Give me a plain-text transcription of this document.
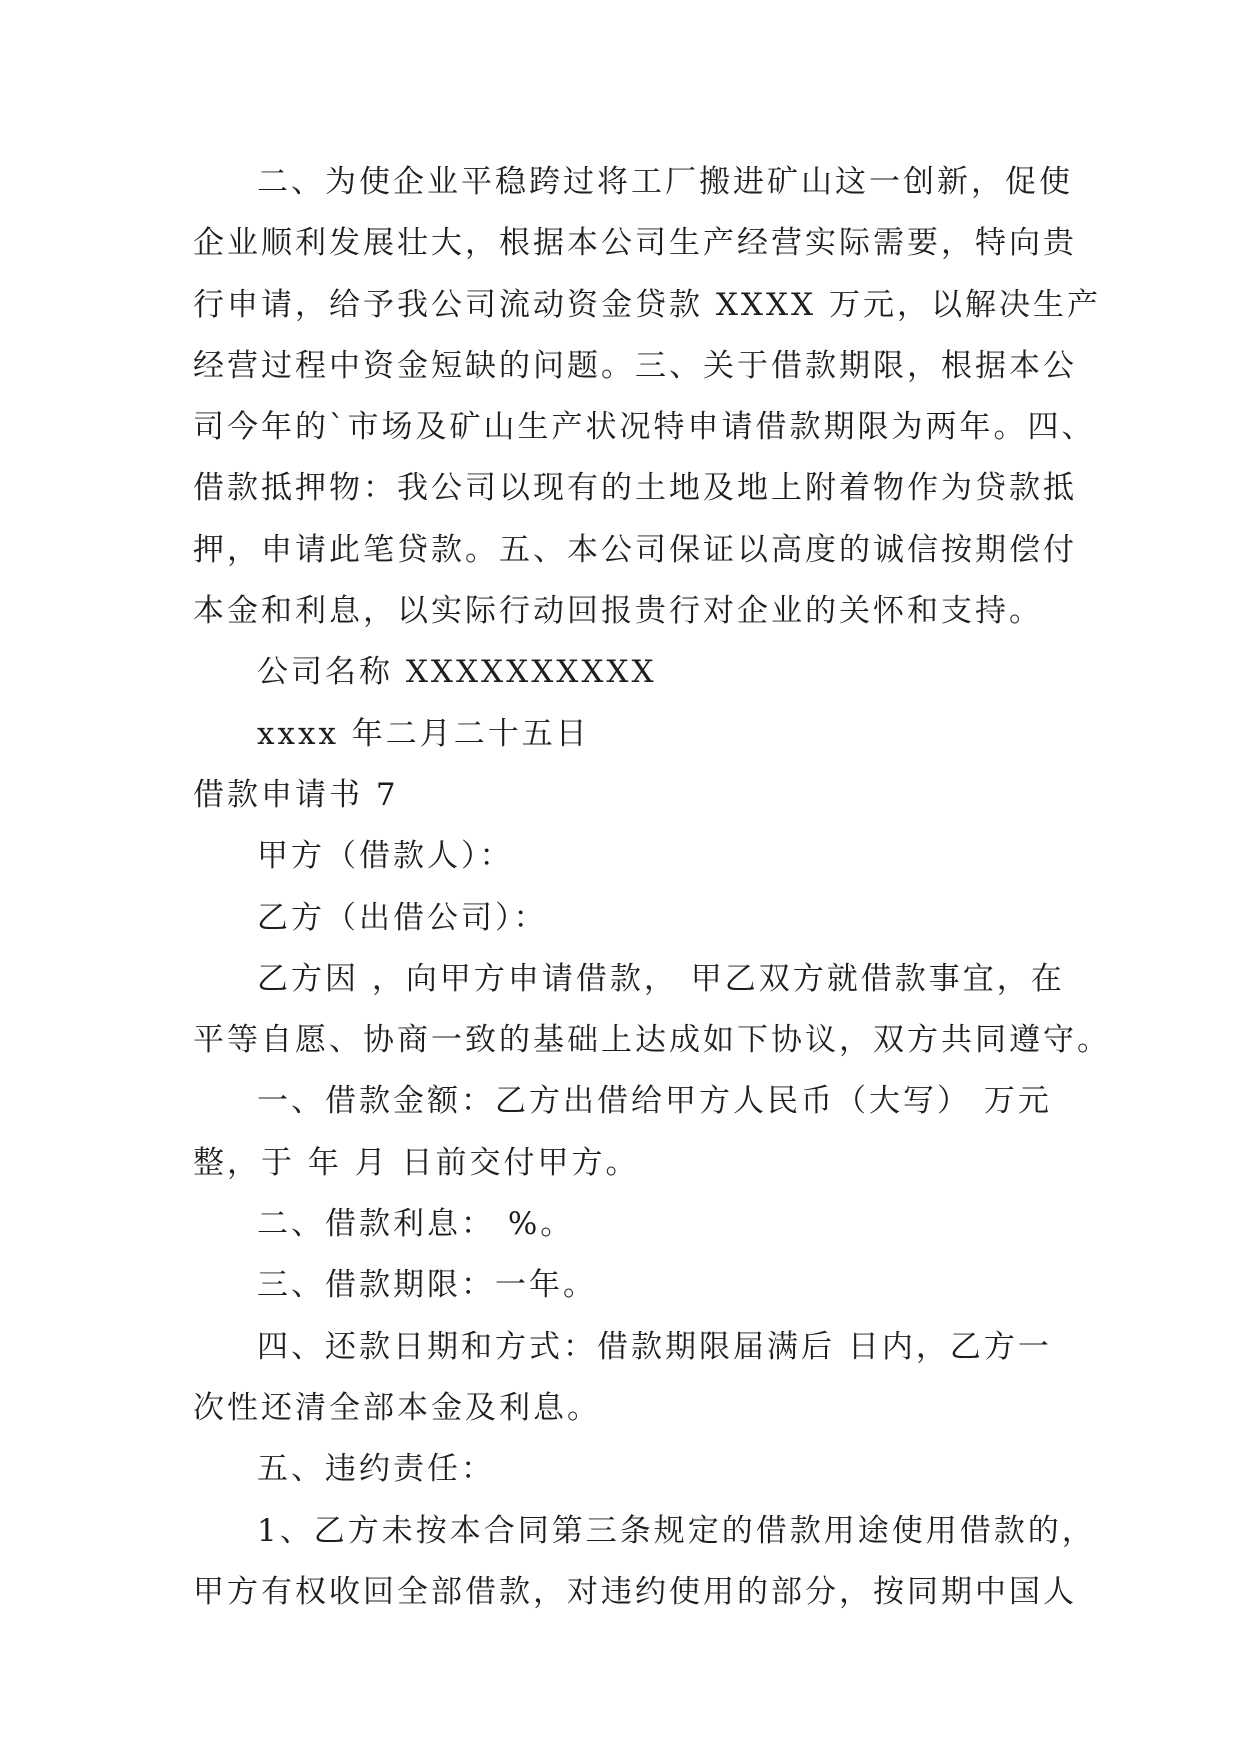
二、为使企业平稳跨过将工厂搬进矿山这一创新，促使
企业顺利发展壮大，根据本公司生产经营实际需要，特向贵
行申请，给予我公司流动资金贷款 XXXX 万元，以解决生产
经营过程中资金短缺的问题。三、关于借款期限，根据本公
司今年的`市场及矿山生产状况特申请借款期限为两年。四、
借款抵押物：我公司以现有的土地及地上附着物作为贷款抵
押，申请此笔贷款。五、本公司保证以高度的诚信按期偿付
本金和利息，以实际行动回报贵行对企业的关怀和支持。
公司名称 XXXXXXXXXX
xxxx 年二月二十五日
借款申请书 7
甲方（借款人）：
乙方（出借公司）：
乙方因 ，向甲方申请借款， 甲乙双方就借款事宜，在
平等自愿、协商一致的基础上达成如下协议，双方共同遵守。
一、借款金额：乙方出借给甲方人民币（大写） 万元
整，于 年 月 日前交付甲方。
二、借款利息： %。
三、借款期限：一年。
四、还款日期和方式：借款期限届满后 日内，乙方一
次性还清全部本金及利息。
五、违约责任：
1、乙方未按本合同第三条规定的借款用途使用借款的，
甲方有权收回全部借款，对违约使用的部分，按同期中国人
